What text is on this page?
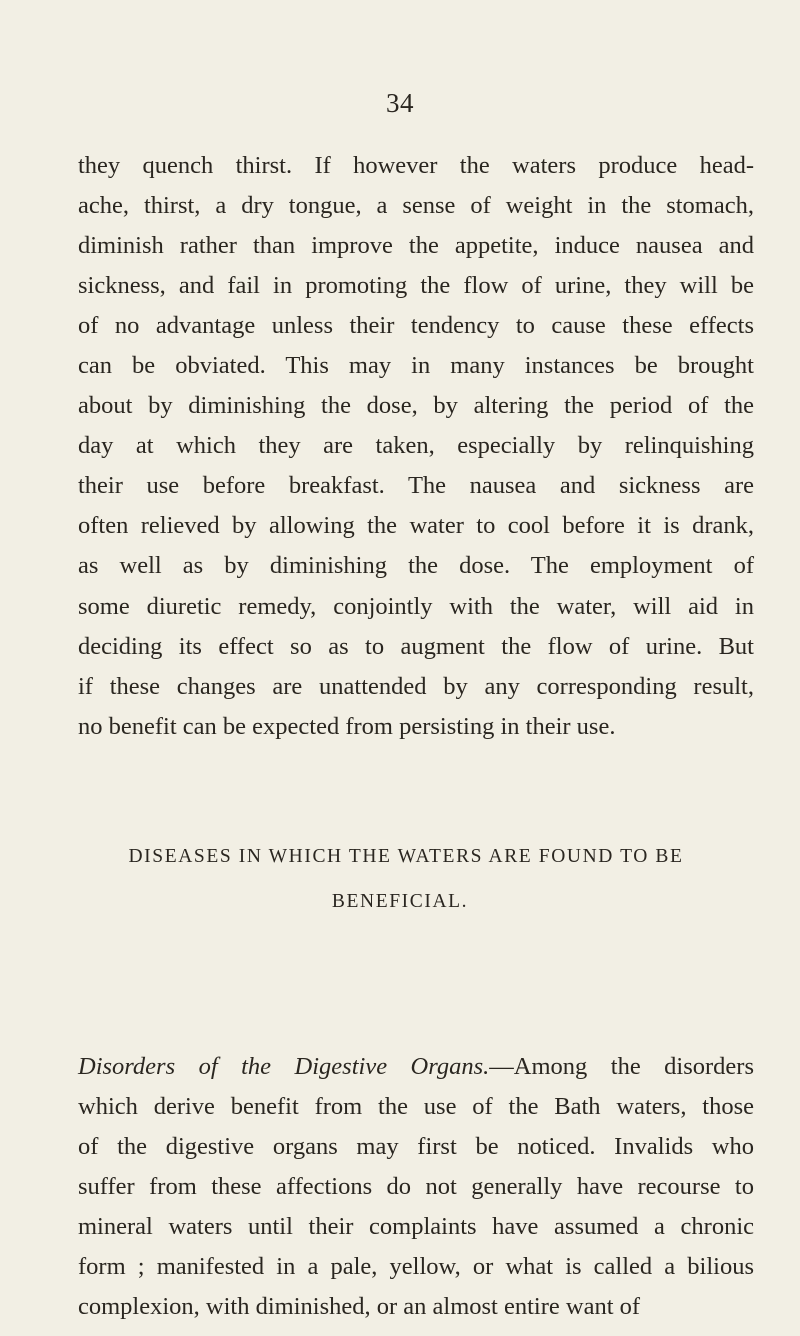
34
they quench thirst. If however the waters produce head-
ache, thirst, a dry tongue, a sense of weight in the stomach,
diminish rather than improve the appetite, induce nausea and
sickness, and fail in promoting the flow of urine, they will be
of no advantage unless their tendency to cause these effects
can be obviated. This may in many instances be brought
about by diminishing the dose, by altering the period of the
day at which they are taken, especially by relinquishing
their use before breakfast. The nausea and sickness are
often relieved by allowing the water to cool before it is drank,
as well as by diminishing the dose. The employment of
some diuretic remedy, conjointly with the water, will aid in
deciding its effect so as to augment the flow of urine. But
if these changes are unattended by any corresponding result,
no benefit can be expected from persisting in their use.
DISEASES IN WHICH THE WATERS ARE FOUND TO BE
BENEFICIAL.
Disorders of the Digestive Organs.—Among the disorders
which derive benefit from the use of the Bath waters, those
of the digestive organs may first be noticed. Invalids who
suffer from these affections do not generally have recourse to
mineral waters until their complaints have assumed a chronic
form ; manifested in a pale, yellow, or what is called a bilious
complexion, with diminished, or an almost entire want of
